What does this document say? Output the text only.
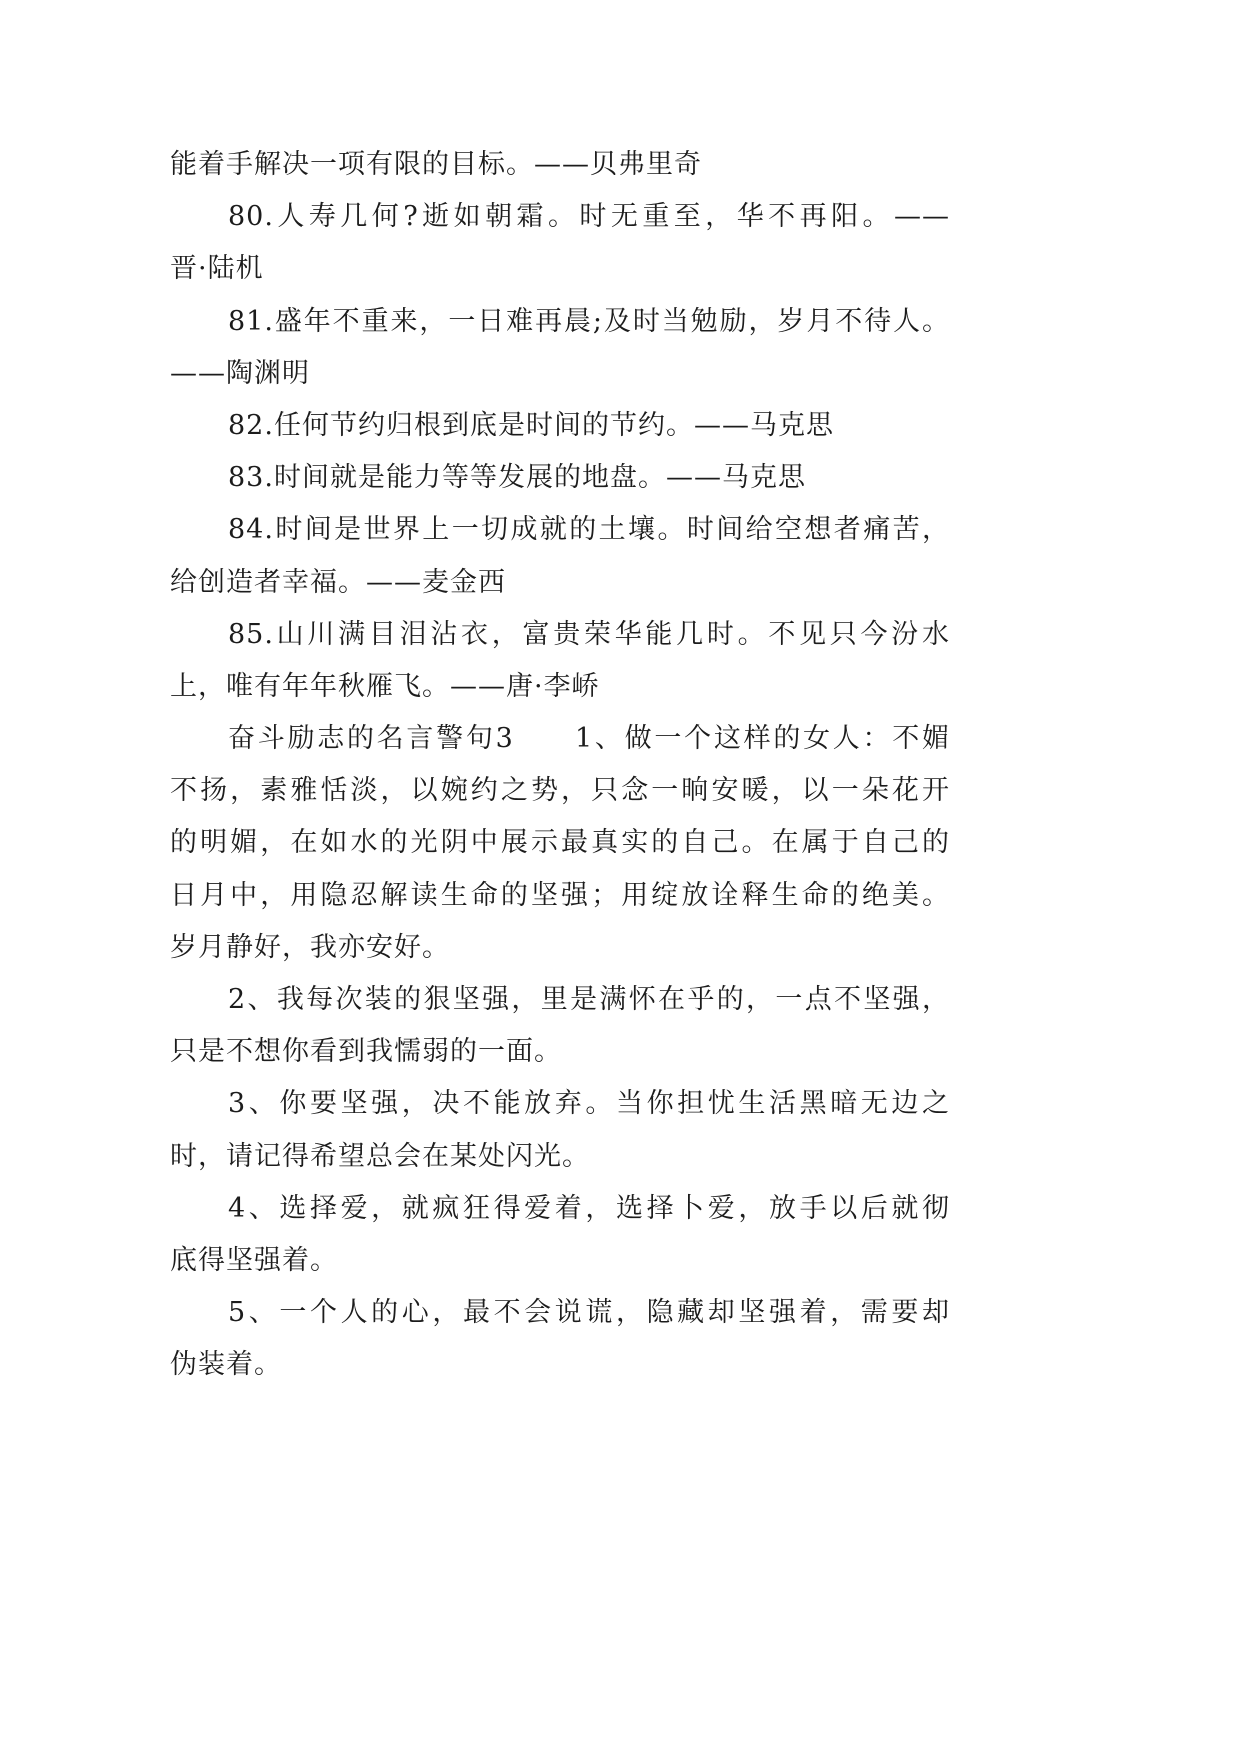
能着手解决一项有限的目标。——贝弗里奇
80.人寿几何?逝如朝霜。时无重至，华不再阳。——
晋·陆机
81.盛年不重来，一日难再晨;及时当勉励，岁月不待人。
——陶渊明
82.任何节约归根到底是时间的节约。——马克思
83.时间就是能力等等发展的地盘。——马克思
84.时间是世界上一切成就的土壤。时间给空想者痛苦，
给创造者幸福。——麦金西
85.山川满目泪沾衣，富贵荣华能几时。不见只今汾水
上，唯有年年秋雁飞。——唐·李峤
奋斗励志的名言警句3　　1、做一个这样的女人：不媚
不扬，素雅恬淡，以婉约之势，只念一晌安暖，以一朵花开
的明媚，在如水的光阴中展示最真实的自己。在属于自己的
日月中，用隐忍解读生命的坚强；用绽放诠释生命的绝美。
岁月静好，我亦安好。
2、我每次装的狠坚强，里是满怀在乎的，一点不坚强，
只是不想你看到我懦弱的一面。
3、你要坚强，决不能放弃。当你担忧生活黑暗无边之
时，请记得希望总会在某处闪光。
4、选择爱，就疯狂得爱着，选择卜爱，放手以后就彻
底得坚强着。
5、一个人的心，最不会说谎，隐藏却坚强着，需要却
伪装着。
